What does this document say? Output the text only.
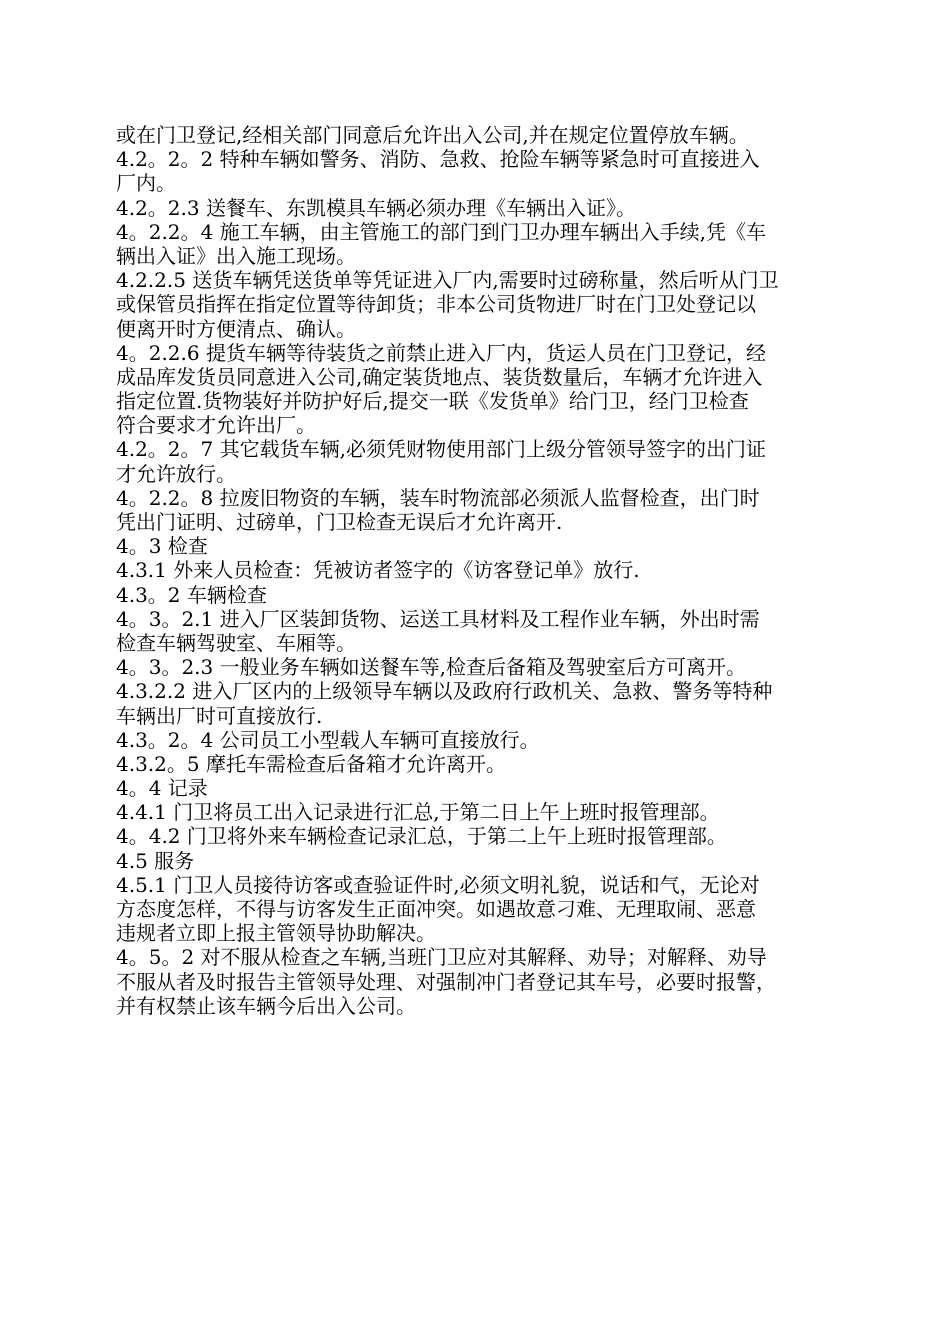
或在门卫登记,经相关部门同意后允许出入公司,并在规定位置停放车辆。

4.2。2。2 特种车辆如警务、消防、急救、抢险车辆等紧急时可直接进入

厂内。

4.2。2.3 送餐车、东凯模具车辆必须办理《车辆出入证》。

4。2.2。4 施工车辆，由主管施工的部门到门卫办理车辆出入手续,凭《车

辆出入证》出入施工现场。

4.2.2.5 送货车辆凭送货单等凭证进入厂内,需要时过磅称量，然后听从门卫

或保管员指挥在指定位置等待卸货；非本公司货物进厂时在门卫处登记以

便离开时方便清点、确认。

4。2.2.6 提货车辆等待装货之前禁止进入厂内，货运人员在门卫登记，经

成品库发货员同意进入公司,确定装货地点、装货数量后，车辆才允许进入

指定位置.货物装好并防护好后,提交一联《发货单》给门卫，经门卫检查

符合要求才允许出厂。

4.2。2。7 其它载货车辆,必须凭财物使用部门上级分管领导签字的出门证

才允许放行。

4。2.2。8 拉废旧物资的车辆，装车时物流部必须派人监督检查，出门时

凭出门证明、过磅单，门卫检查无误后才允许离开.

4。3 检查

4.3.1 外来人员检查：凭被访者签字的《访客登记单》放行.

4.3。2 车辆检查

4。3。2.1 进入厂区装卸货物、运送工具材料及工程作业车辆，外出时需

检查车辆驾驶室、车厢等。

4。3。2.3 一般业务车辆如送餐车等,检查后备箱及驾驶室后方可离开。

4.3.2.2 进入厂区内的上级领导车辆以及政府行政机关、急救、警务等特种

车辆出厂时可直接放行.

4.3。2。4 公司员工小型载人车辆可直接放行。

4.3.2。5 摩托车需检查后备箱才允许离开。

4。4 记录

4.4.1 门卫将员工出入记录进行汇总,于第二日上午上班时报管理部。

4。4.2 门卫将外来车辆检查记录汇总，于第二上午上班时报管理部。

4.5 服务

4.5.1 门卫人员接待访客或查验证件时,必须文明礼貌，说话和气，无论对

方态度怎样，不得与访客发生正面冲突。如遇故意刁难、无理取闹、恶意

违规者立即上报主管领导协助解决。

4。5。2 对不服从检查之车辆,当班门卫应对其解释、劝导；对解释、劝导

不服从者及时报告主管领导处理、对强制冲门者登记其车号，必要时报警，

并有权禁止该车辆今后出入公司。
